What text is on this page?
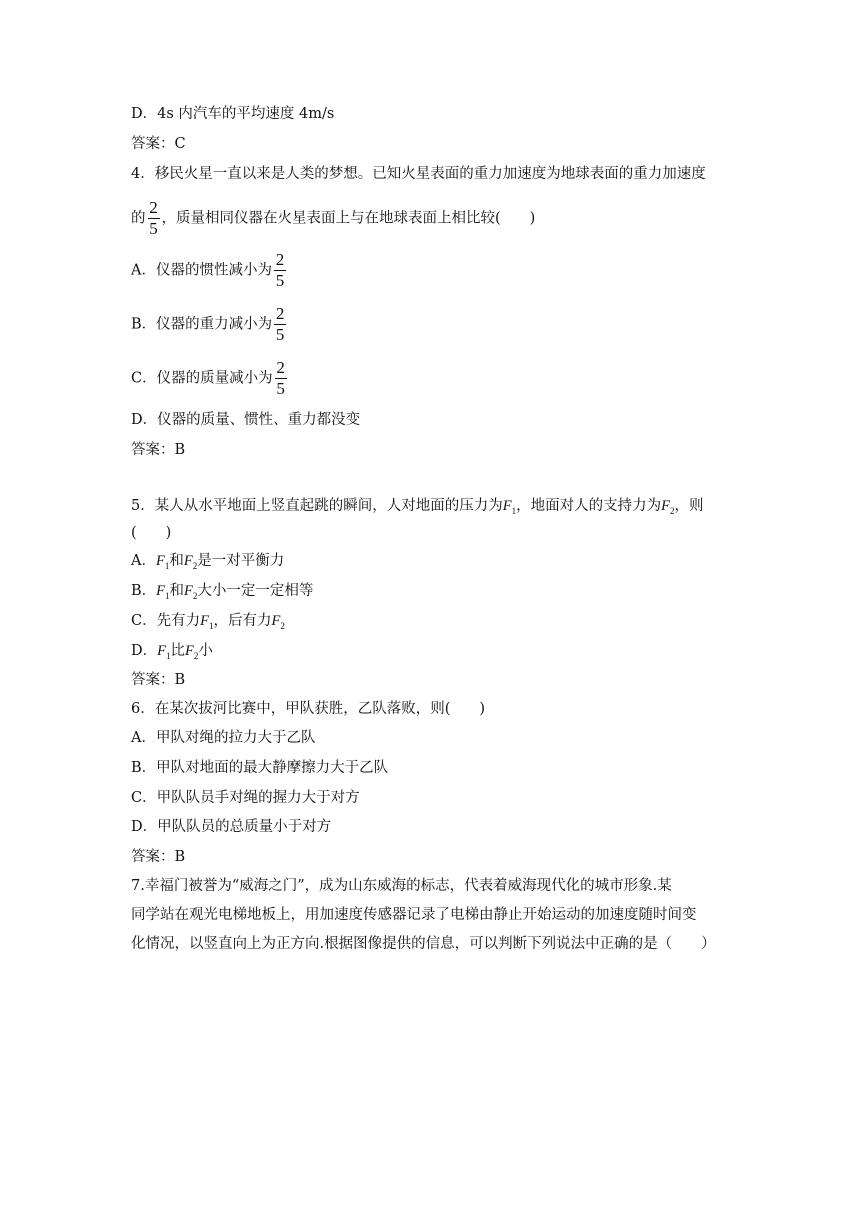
D．4s 内汽车的平均速度 4m/s
答案：C
4．移民火星一直以来是人类的梦想。已知火星表面的重力加速度为地球表面的重力加速度
的 $\frac{2}{5}$ ，质量相同仪器在火星表面上与在地球表面上相比较(　　)
A．仪器的惯性减小为 $\frac{2}{5}$
B．仪器的重力减小为 $\frac{2}{5}$
C．仪器的质量减小为 $\frac{2}{5}$
D．仪器的质量、惯性、重力都没变
答案：B
5．某人从水平地面上竖直起跳的瞬间，人对地面的压力为$F_1$，地面对人的支持力为$F_2$，则
(　　)
A．$F_1$和$F_2$是一对平衡力
B．$F_1$和$F_2$大小一定一定相等
C．先有力$F_1$，后有力$F_2$
D．$F_1$比$F_2$小
答案：B
6．在某次拔河比赛中，甲队获胜，乙队落败，则(　　)
A．甲队对绳的拉力大于乙队
B．甲队对地面的最大静摩擦力大于乙队
C．甲队队员手对绳的握力大于对方
D．甲队队员的总质量小于对方
答案：B
7.幸福门被誉为“威海之门”，成为山东威海的标志，代表着威海现代化的城市形象.某
同学站在观光电梯地板上，用加速度传感器记录了电梯由静止开始运动的加速度随时间变
化情况，以竖直向上为正方向.根据图像提供的信息，可以判断下列说法中正确的是（　　）
